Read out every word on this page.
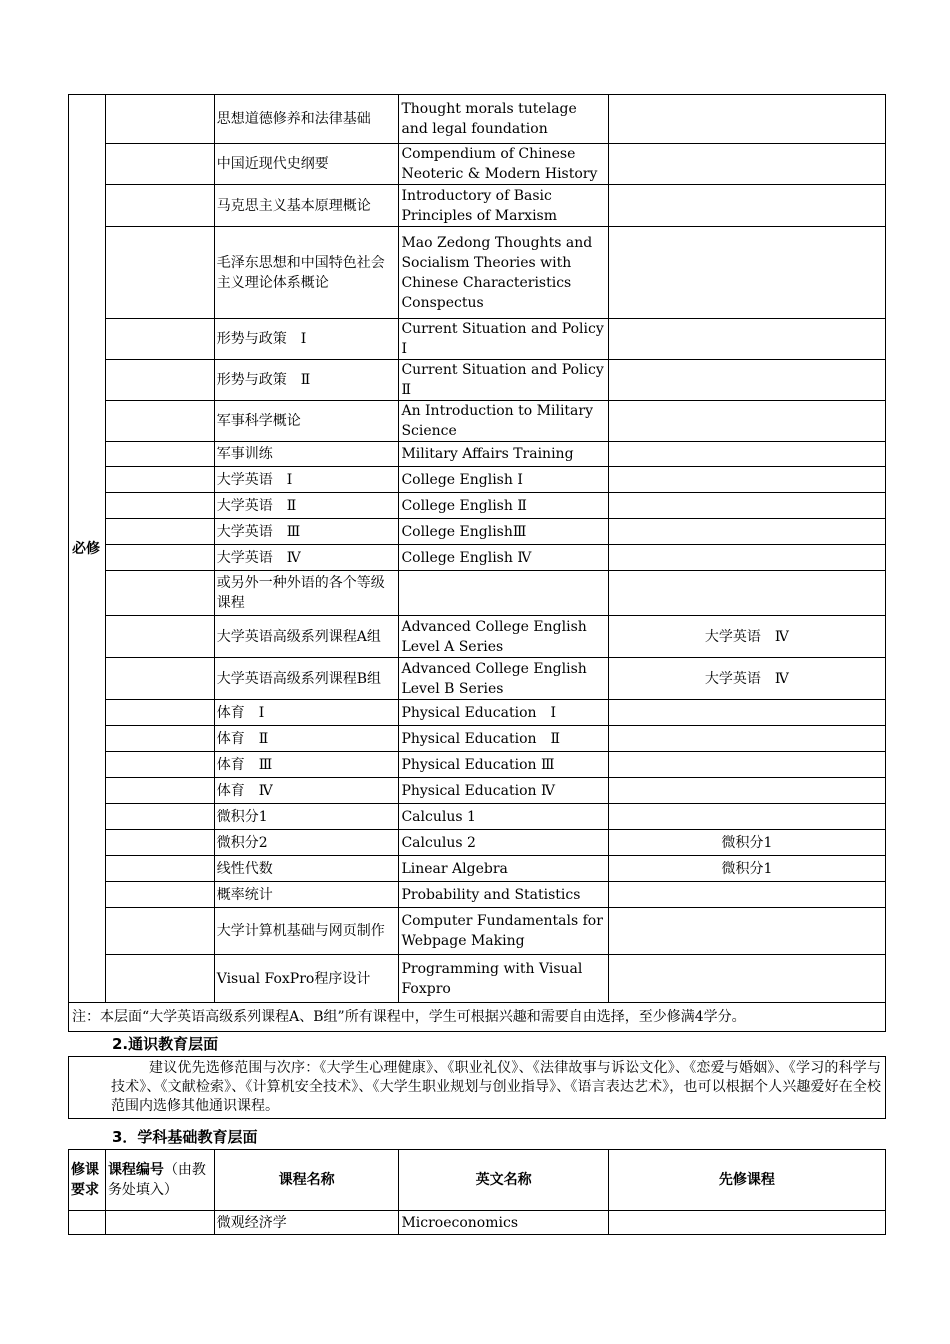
必修		思想道德修养和法律基础	Thought morals tutelage and legal foundation	
		中国近现代史纲要	Compendium of Chinese Neoteric & Modern History	
		马克思主义基本原理概论	Introductory of Basic Principles of Marxism	
		毛泽东思想和中国特色社会主义理论体系概论	Mao Zedong Thoughts and Socialism Theories with Chinese Characteristics Conspectus	
		形势与政策　Ⅰ	Current Situation and Policy Ⅰ	
		形势与政策　Ⅱ	Current Situation and Policy Ⅱ	
		军事科学概论	An Introduction to Military Science	
		军事训练	Military Affairs Training	
		大学英语　Ⅰ	College English Ⅰ	
		大学英语　Ⅱ	College English Ⅱ	
		大学英语　Ⅲ	College EnglishⅢ	
		大学英语　Ⅳ	College English Ⅳ	
		或另外一种外语的各个等级课程		
		大学英语高级系列课程A组	Advanced College English Level A Series	大学英语　Ⅳ
		大学英语高级系列课程B组	Advanced College English Level B Series	大学英语　Ⅳ
		体育　Ⅰ	Physical Education　Ⅰ	
		体育　Ⅱ	Physical Education　Ⅱ	
		体育　Ⅲ	Physical Education Ⅲ	
		体育　Ⅳ	Physical Education Ⅳ	
		微积分1	Calculus 1	
		微积分2	Calculus 2	微积分1
		线性代数	Linear Algebra	微积分1
		概率统计	Probability and Statistics	
		大学计算机基础与网页制作	Computer Fundamentals for Webpage Making	
		Visual FoxPro程序设计	Programming with Visual Foxpro	
注：本层面“大学英语高级系列课程A、B组”所有课程中，学生可根据兴趣和需要自由选择，至少修满4学分。				
2.通识教育层面
建议优先选修范围与次序：《大学生心理健康》、《职业礼仪》、《法律故事与诉讼文化》、《恋爱与婚姻》、《学习的科学与技术》、《文献检索》、《计算机安全技术》、《大学生职业规划与创业指导》、《语言表达艺术》，也可以根据个人兴趣爱好在全校范围内选修其他通识课程。
3．学科基础教育层面
修课要求	课程编号（由教务处填入）	课程名称	英文名称	先修课程
		微观经济学	Microeconomics	
